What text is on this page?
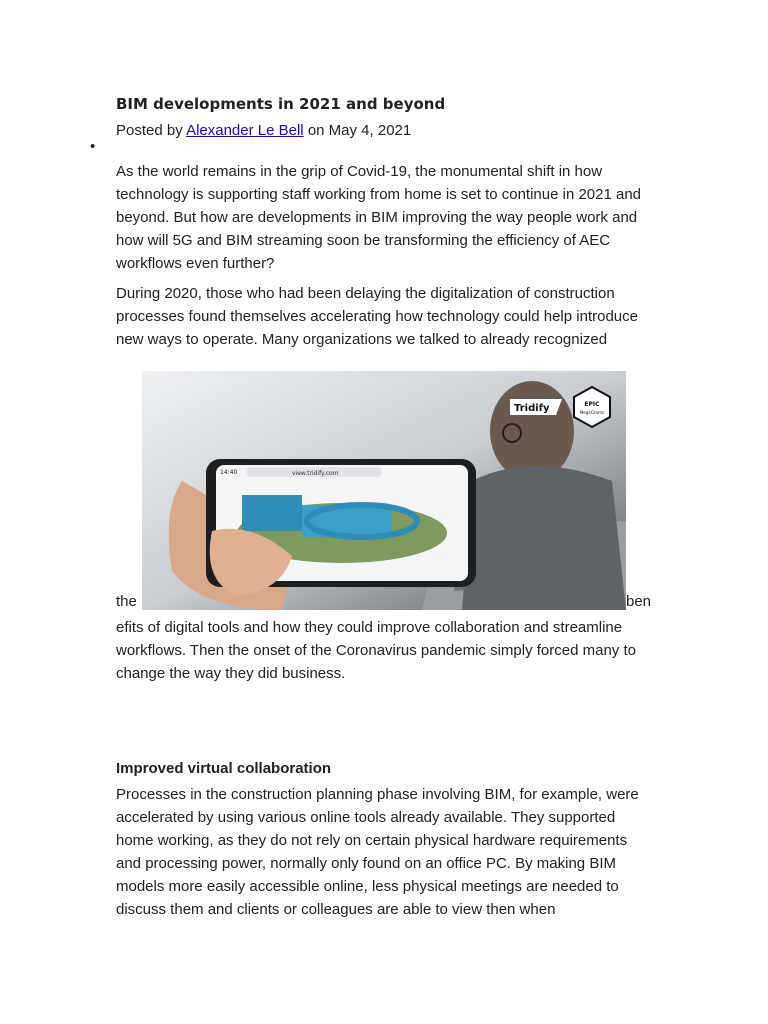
BIM developments in 2021 and beyond
Posted by Alexander Le Bell on May 4, 2021
•

As the world remains in the grip of Covid-19, the monumental shift in how technology is supporting staff working from home is set to continue in 2021 and beyond. But how are developments in BIM improving the way people work and how will 5G and BIM streaming soon be transforming the efficiency of AEC workflows even further?

During 2020, those who had been delaying the digitalization of construction processes found themselves accelerating how technology could help introduce new ways to operate. Many organizations we talked to already recognized

the
Tridify	EPIC
MegaGrants
14:40	view.tridify.com
ben

efits of digital tools and how they could improve collaboration and streamline workflows. Then the onset of the Coronavirus pandemic simply forced many to change the way they did business.

Improved virtual collaboration

Processes in the construction planning phase involving BIM, for example, were accelerated by using various online tools already available. They supported home working, as they do not rely on certain physical hardware requirements and processing power, normally only found on an office PC. By making BIM models more easily accessible online, less physical meetings are needed to discuss them and clients or colleagues are able to view then when
